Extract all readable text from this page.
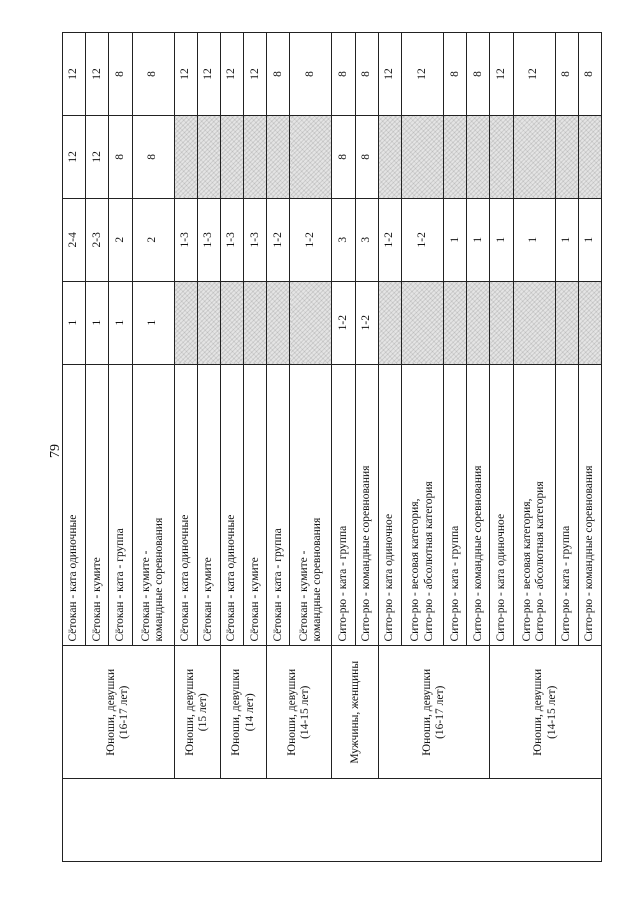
79

	Юноши, девушки (16-17 лет)	Сётокан - ката одиночные	1	2-4	12	12

		Сётокан - кумите	1	2-3	12	12

		Сётокан - ката - группа	1	2	8	8

		Сётокан - кумите - командные соревнования	1	2	8	8

	Юноши, девушки (15 лет)	Сётокан - ката одиночные		1-3		12

		Сётокан - кумите		1-3		12

	Юноши, девушки (14 лет)	Сётокан - ката одиночные		1-3		12

		Сётокан - кумите		1-3		12

	Юноши, девушки (14-15 лет)	Сётокан - ката - группа		1-2		8

		Сётокан - кумите - командные соревнования		1-2		8

	Мужчины, женщины	Сито-рю - ката - группа	1-2	3	8	8

		Сито-рю - командные соревнования	1-2	3	8	8

	Юноши, девушки (16-17 лет)	Сито-рю - ката одиночное		1-2		12

		Сито-рю - весовая категория, Сито-рю - абсолютная категория		1-2		12

		Сито-рю - ката - группа		1		8

		Сито-рю - командные соревнования		1		8

	Юноши, девушки (14-15 лет)	Сито-рю - ката одиночное		1		12

		Сито-рю - весовая категория, Сито-рю - абсолютная категория		1		12

		Сито-рю - ката - группа		1		8

		Сито-рю - командные соревнования		1		8
